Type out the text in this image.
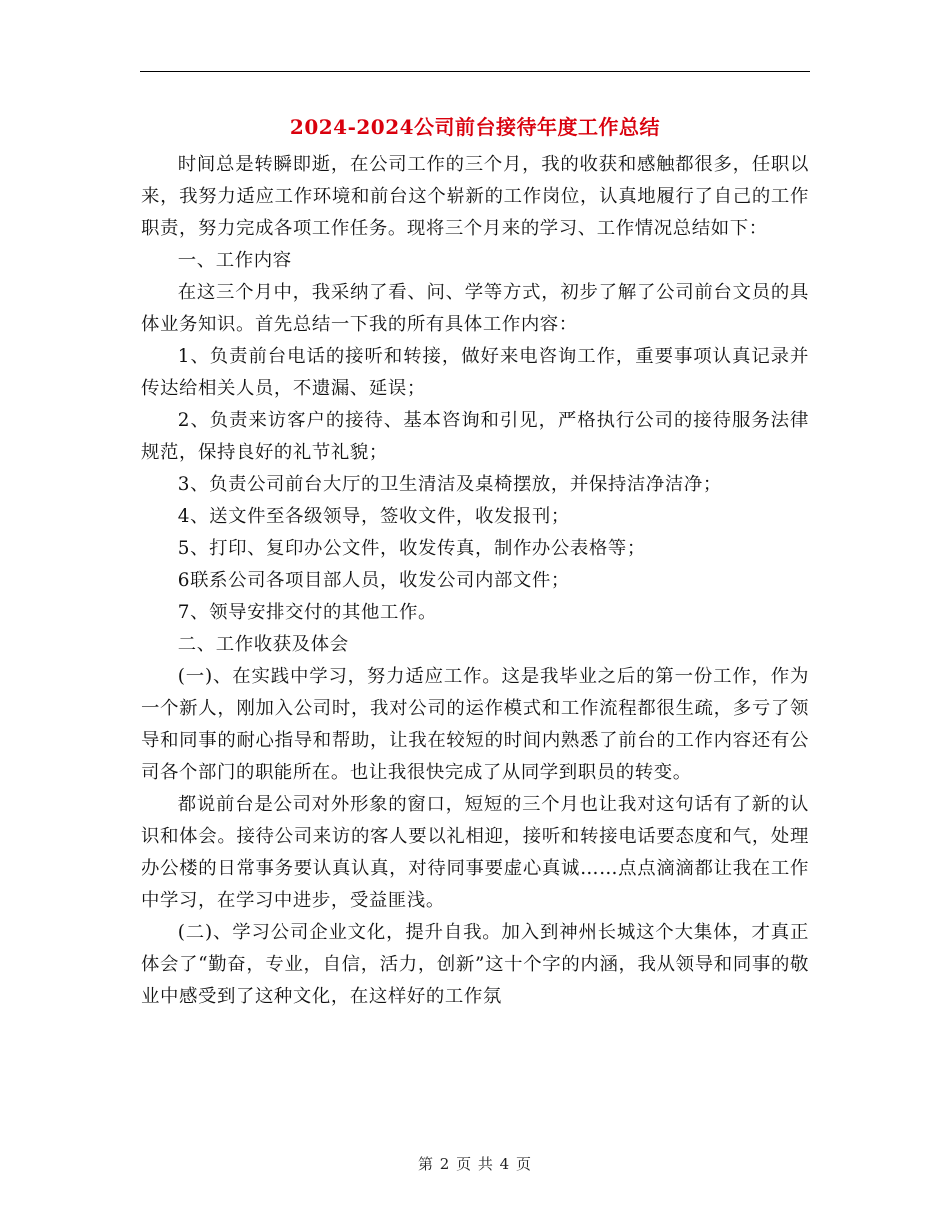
2024-2024公司前台接待年度工作总结

时间总是转瞬即逝，在公司工作的三个月，我的收获和感触都很多，任职以来，我努力适应工作环境和前台这个崭新的工作岗位，认真地履行了自己的工作职责，努力完成各项工作任务。现将三个月来的学习、工作情况总结如下：

一、工作内容

在这三个月中，我采纳了看、问、学等方式，初步了解了公司前台文员的具体业务知识。首先总结一下我的所有具体工作内容：

1、负责前台电话的接听和转接，做好来电咨询工作，重要事项认真记录并传达给相关人员，不遗漏、延误；

2、负责来访客户的接待、基本咨询和引见，严格执行公司的接待服务法律规范，保持良好的礼节礼貌；

3、负责公司前台大厅的卫生清洁及桌椅摆放，并保持洁净洁净；

4、送文件至各级领导，签收文件，收发报刊；

5、打印、复印办公文件，收发传真，制作办公表格等；

6联系公司各项目部人员，收发公司内部文件；

7、领导安排交付的其他工作。

二、工作收获及体会

(一)、在实践中学习，努力适应工作。这是我毕业之后的第一份工作，作为一个新人，刚加入公司时，我对公司的运作模式和工作流程都很生疏，多亏了领导和同事的耐心指导和帮助，让我在较短的时间内熟悉了前台的工作内容还有公司各个部门的职能所在。也让我很快完成了从同学到职员的转变。

都说前台是公司对外形象的窗口，短短的三个月也让我对这句话有了新的认识和体会。接待公司来访的客人要以礼相迎，接听和转接电话要态度和气，处理办公楼的日常事务要认真认真，对待同事要虚心真诚……点点滴滴都让我在工作中学习，在学习中进步，受益匪浅。

(二)、学习公司企业文化，提升自我。加入到神州长城这个大集体，才真正体会了“勤奋，专业，自信，活力，创新”这十个字的内涵，我从领导和同事的敬业中感受到了这种文化，在这样好的工作氛

第 2 页 共 4 页
